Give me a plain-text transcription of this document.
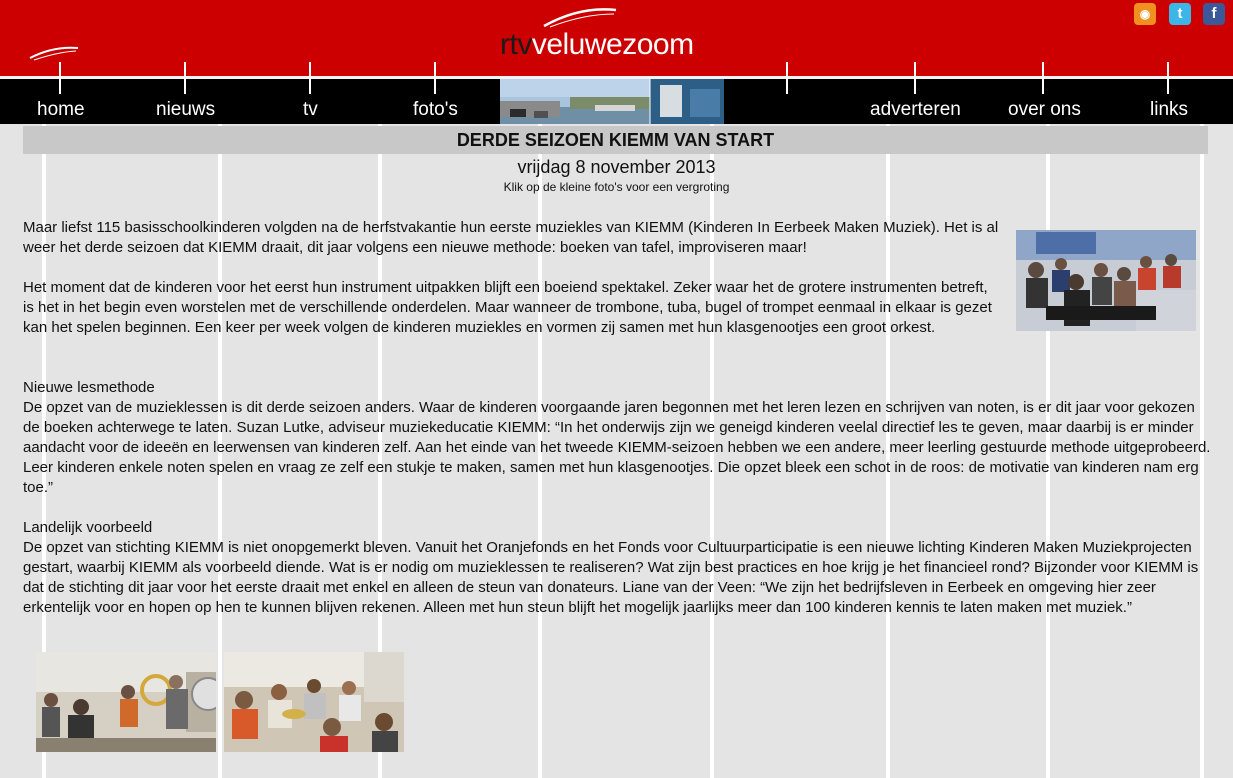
rtvveluwezoom
◉	t	f
home	nieuws	tv	foto's	adverteren over ons	links
DERDE SEIZOEN KIEMM VAN START
vrijdag 8 november 2013
Klik op de kleine foto's voor een vergroting
Maar liefst 115 basisschoolkinderen volgden na de herfstvakantie hun eerste muziekles van KIEMM (Kinderen In Eerbeek Maken Muziek). Het is al weer het derde seizoen dat KIEMM draait, dit jaar volgens een nieuwe methode: boeken van tafel, improviseren maar!
Het moment dat de kinderen voor het eerst hun instrument uitpakken blijft een boeiend spektakel. Zeker waar het de grotere instrumenten betreft, is het in het begin even worstelen met de verschillende onderdelen. Maar wanneer de trombone, tuba, bugel of trompet eenmaal in elkaar is gezet kan het spelen beginnen. Een keer per week volgen de kinderen muziekles en vormen zij samen met hun klasgenootjes een groot orkest.
Nieuwe lesmethode
De opzet van de muzieklessen is dit derde seizoen anders. Waar de kinderen voorgaande jaren begonnen met het leren lezen en schrijven van noten, is er dit jaar voor gekozen de boeken achterwege te laten. Suzan Lutke, adviseur muziekeducatie KIEMM: “In het onderwijs zijn we geneigd kinderen veelal directief les te geven, maar daarbij is er minder aandacht voor de ideeën en leerwensen van kinderen zelf. Aan het einde van het tweede KIEMM-seizoen hebben we een andere, meer leerling gestuurde methode uitgeprobeerd. Leer kinderen enkele noten spelen en vraag ze zelf een stukje te maken, samen met hun klasgenootjes. Die opzet bleek een schot in de roos: de motivatie van kinderen nam erg toe.”
Landelijk voorbeeld
De opzet van stichting KIEMM is niet onopgemerkt bleven. Vanuit het Oranjefonds en het Fonds voor Cultuurparticipatie is een nieuwe lichting Kinderen Maken Muziekprojecten gestart, waarbij KIEMM als voorbeeld diende. Wat is er nodig om muzieklessen te realiseren? Wat zijn best practices en hoe krijg je het financieel rond? Bijzonder voor KIEMM is dat de stichting dit jaar voor het eerste draait met enkel en alleen de steun van donateurs. Liane van der Veen: “We zijn het bedrijfsleven in Eerbeek en omgeving hier zeer erkentelijk voor en hopen op hen te kunnen blijven rekenen. Alleen met hun steun blijft het mogelijk jaarlijks meer dan 100 kinderen kennis te laten maken met muziek.”
